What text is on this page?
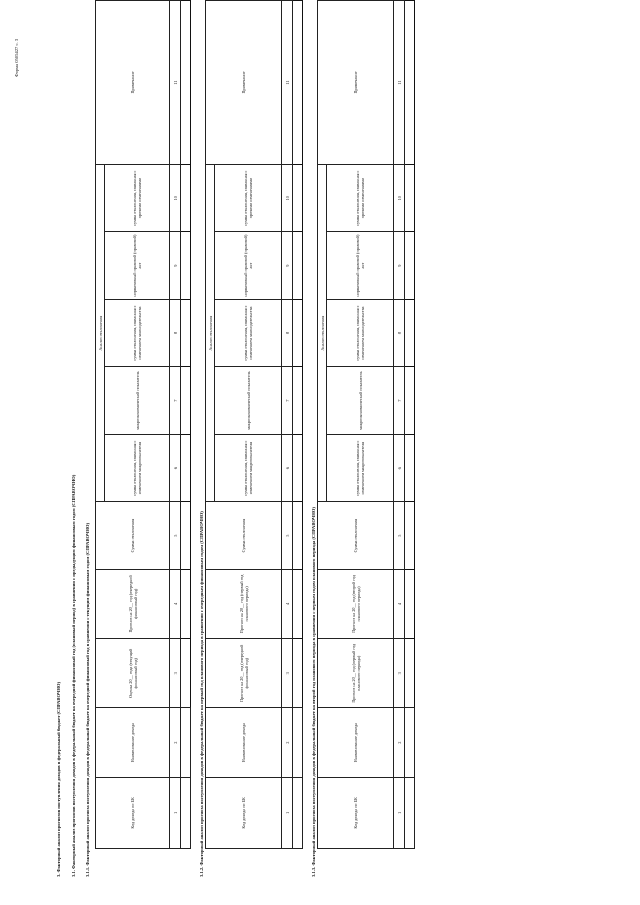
Форма 0505427 с. 3
3. Факторный анализ прогнозов поступления доходов в федеральный бюджет (СПРАВОЧНО) 3.1. Факторный анализ прогнозов поступления доходов в федеральный бюджет на очередной финансовый год (плановый период) в сравнении с предыдущим финансовым годом (СПРАВОЧНО) 3.1.1. Факторный анализ прогноза поступления доходов в федеральный бюджет на очередной финансовый год в сравнении с текущим финансовым годом (СПРАВОЧНО)	Код дохода по БК	Наименование дохода	Оценка 20__ года (текущий финансовый год)	Прогноз на 20__ год (очередной финансовый год)	Сумма отклонения	Анализ отклонения					Примечание
					сумма отклонения, связанная с изменением макропоказателя	макроэкономический показатель	сумма отклонения, связанная с изменением законодательства	нормативный правовой (правовой) акт	сумма отклонения, связанная с прочими изменениями	
1	2	3	4	5	6	7	8	9	10	11

3.1.2. Факторный анализ прогноза поступления доходов в федеральный бюджет на первый год планового периода в сравнении с очередным финансовым годом (СПРАВОЧНО)	Код дохода по БК	Наименование дохода	Прогноз на 20__ год (очередной финансовый год)	Прогноз на 20__ год (первый год планового периода)	Сумма отклонения	Анализ отклонения					Примечание
					сумма отклонения, связанная с изменением макропоказателя	макроэкономический показатель	сумма отклонения, связанная с изменением законодательства	нормативный правовой (правовой) акт	сумма отклонения, связанная с прочими изменениями	
1	2	3	4	5	6	7	8	9	10	11

3.1.3. Факторный анализ прогноза поступления доходов в федеральный бюджет на второй год планового периода в сравнении с первым годом планового периода (СПРАВОЧНО)	Код дохода по БК	Наименование дохода	Прогноз на 20__ год (первый год планового периода)	Прогноз на 20__ год (второй год планового периода)	Сумма отклонения	Анализ отклонения					Примечание
					сумма отклонения, связанная с изменением макропоказателя	макроэкономический показатель	сумма отклонения, связанная с изменением законодательства	нормативный правовой (правовой) акт	сумма отклонения, связанная с прочими изменениями	
1	2	3	4	5	6	7	8	9	10	11
